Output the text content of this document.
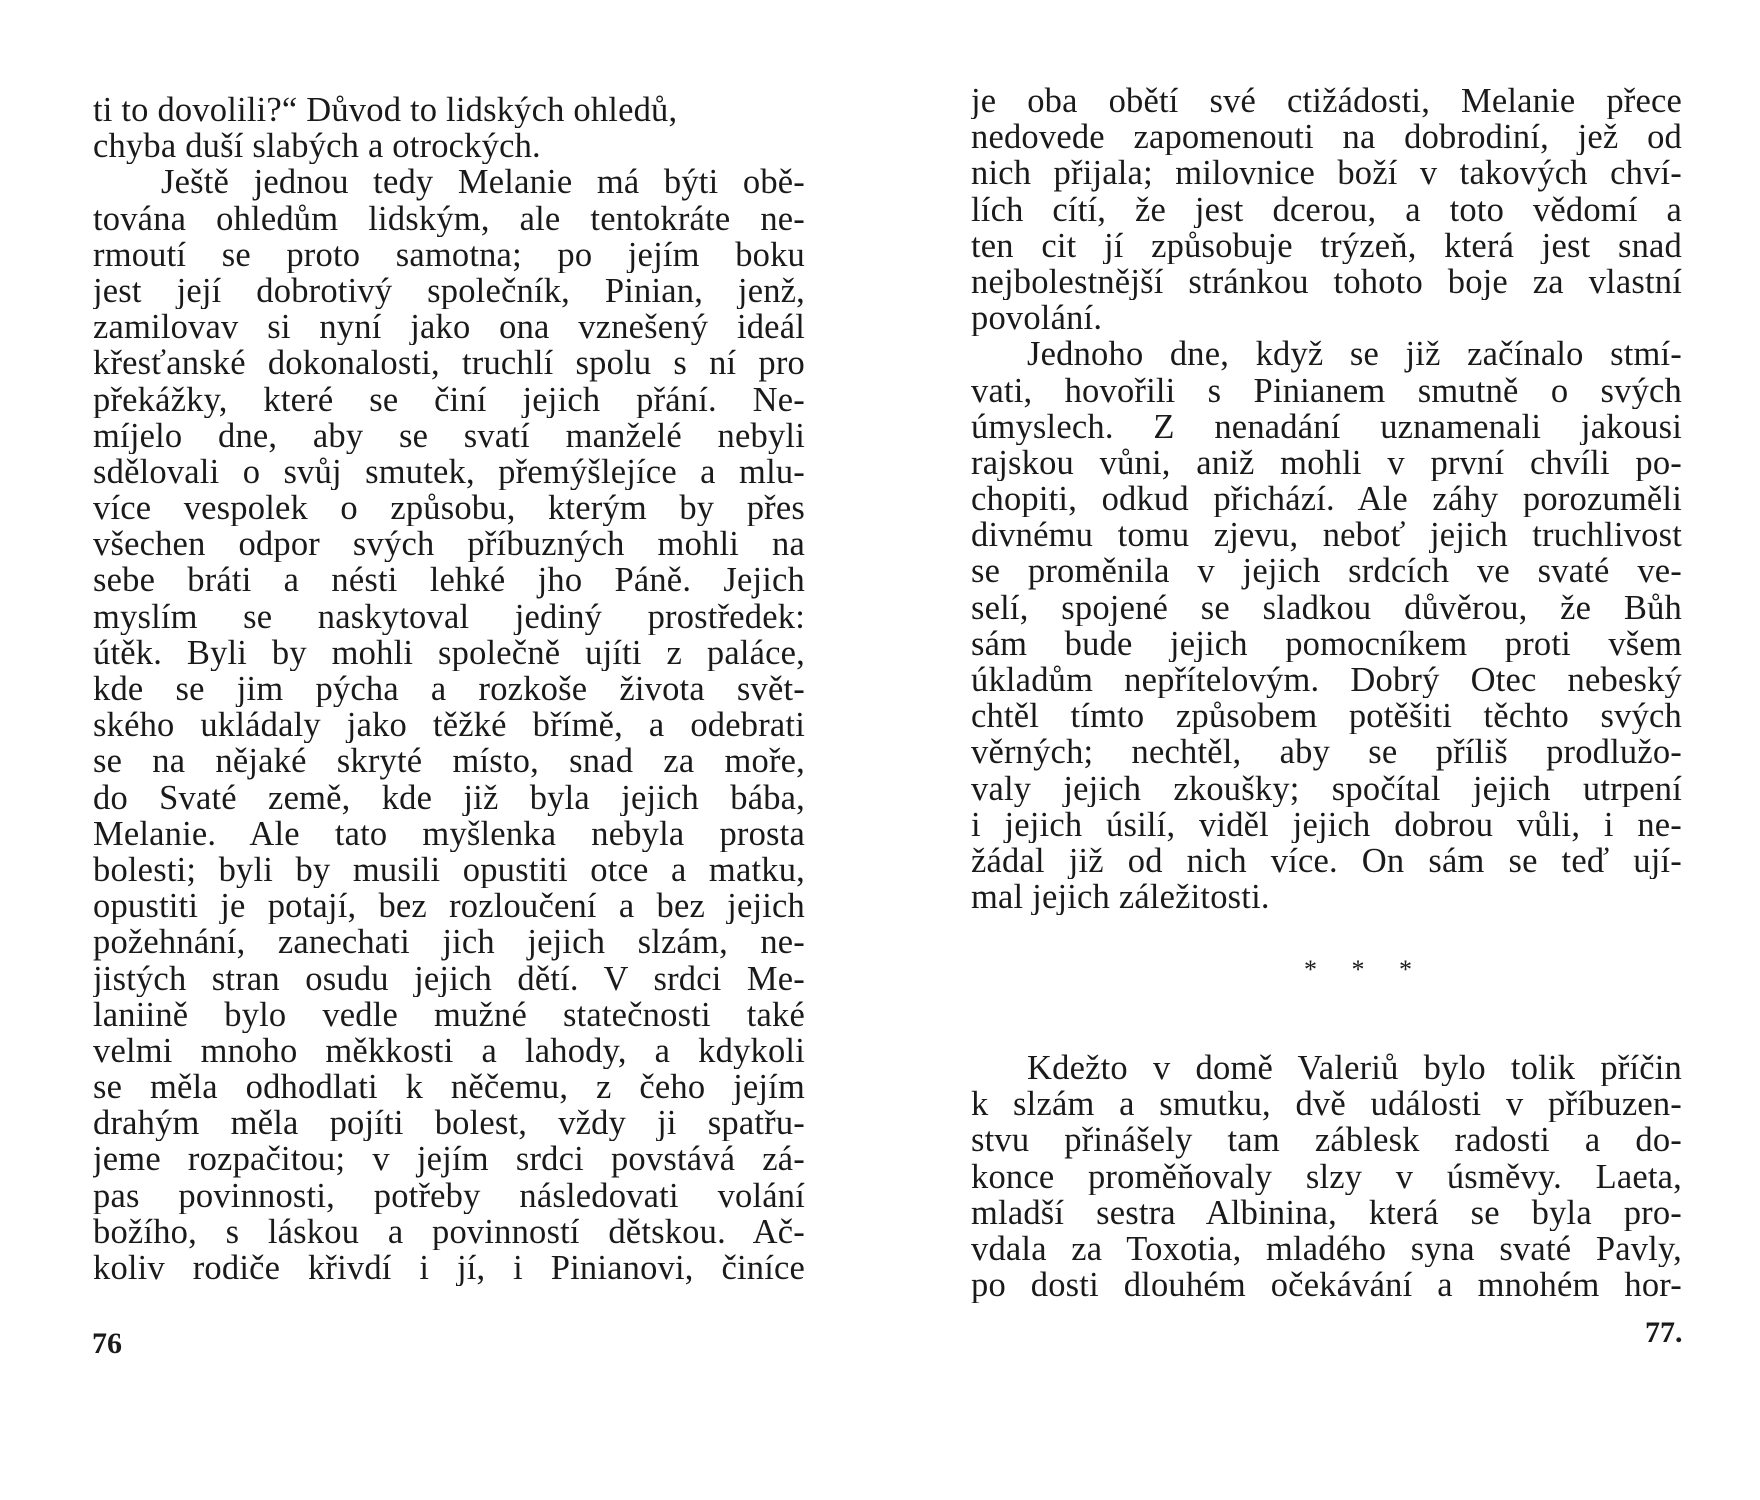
ti to dovolili?“ Důvod to lidských ohledů,
chyba duší slabých a otrockých.
Ještě jednou tedy Melanie má býti obě-
tována ohledům lidským, ale tentokráte ne-
rmoutí se proto samotna; po jejím boku
jest její dobrotivý společník, Pinian, jenž,
zamilovav si nyní jako ona vznešený ideál
křesťanské dokonalosti, truchlí spolu s ní pro
překážky, které se činí jejich přání. Ne-
míjelo dne, aby se svatí manželé nebyli
sdělovali o svůj smutek, přemýšlejíce a mlu-
více vespolek o způsobu, kterým by přes
všechen odpor svých příbuzných mohli na
sebe bráti a nésti lehké jho Páně. Jejich
myslím se naskytoval jediný prostředek:
útěk. Byli by mohli společně ujíti z paláce,
kde se jim pýcha a rozkoše života svět-
ského ukládaly jako těžké břímě, a odebrati
se na nějaké skryté místo, snad za moře,
do Svaté země, kde již byla jejich bába,
Melanie. Ale tato myšlenka nebyla prosta
bolesti; byli by musili opustiti otce a matku,
opustiti je potají, bez rozloučení a bez jejich
požehnání, zanechati jich jejich slzám, ne-
jistých stran osudu jejich dětí. V srdci Me-
laniině bylo vedle mužné statečnosti také
velmi mnoho měkkosti a lahody, a kdykoli
se měla odhodlati k něčemu, z čeho jejím
drahým měla pojíti bolest, vždy ji spatřu-
jeme rozpačitou; v jejím srdci povstává zá-
pas povinnosti, potřeby následovati volání
božího, s láskou a povinností dětskou. Ač-
koliv rodiče křivdí i jí, i Pinianovi, činíce
76
je oba obětí své ctižádosti, Melanie přece
nedovede zapomenouti na dobrodiní, jež od
nich přijala; milovnice boží v takových chví-
lích cítí, že jest dcerou, a toto vědomí a
ten cit jí způsobuje trýzeň, která jest snad
nejbolestnější stránkou tohoto boje za vlastní
povolání.
Jednoho dne, když se již začínalo stmí-
vati, hovořili s Pinianem smutně o svých
úmyslech. Z nenadání uznamenali jakousi
rajskou vůni, aniž mohli v první chvíli po-
chopiti, odkud přichází. Ale záhy porozuměli
divnému tomu zjevu, neboť jejich truchlivost
se proměnila v jejich srdcích ve svaté ve-
selí, spojené se sladkou důvěrou, že Bůh
sám bude jejich pomocníkem proti všem
úkladům nepřítelovým. Dobrý Otec nebeský
chtěl tímto způsobem potěšiti těchto svých
věrných; nechtěl, aby se příliš prodlužo-
valy jejich zkoušky; spočítal jejich utrpení
i jejich úsilí, viděl jejich dobrou vůli, i ne-
žádal již od nich více. On sám se teď ují-
mal jejich záležitosti.
* * *
Kdežto v domě Valeriů bylo tolik příčin
k slzám a smutku, dvě události v příbuzen-
stvu přinášely tam záblesk radosti a do-
konce proměňovaly slzy v úsměvy. Laeta,
mladší sestra Albinina, která se byla pro-
vdala za Toxotia, mladého syna svaté Pavly,
po dosti dlouhém očekávání a mnohém hor-
77.
